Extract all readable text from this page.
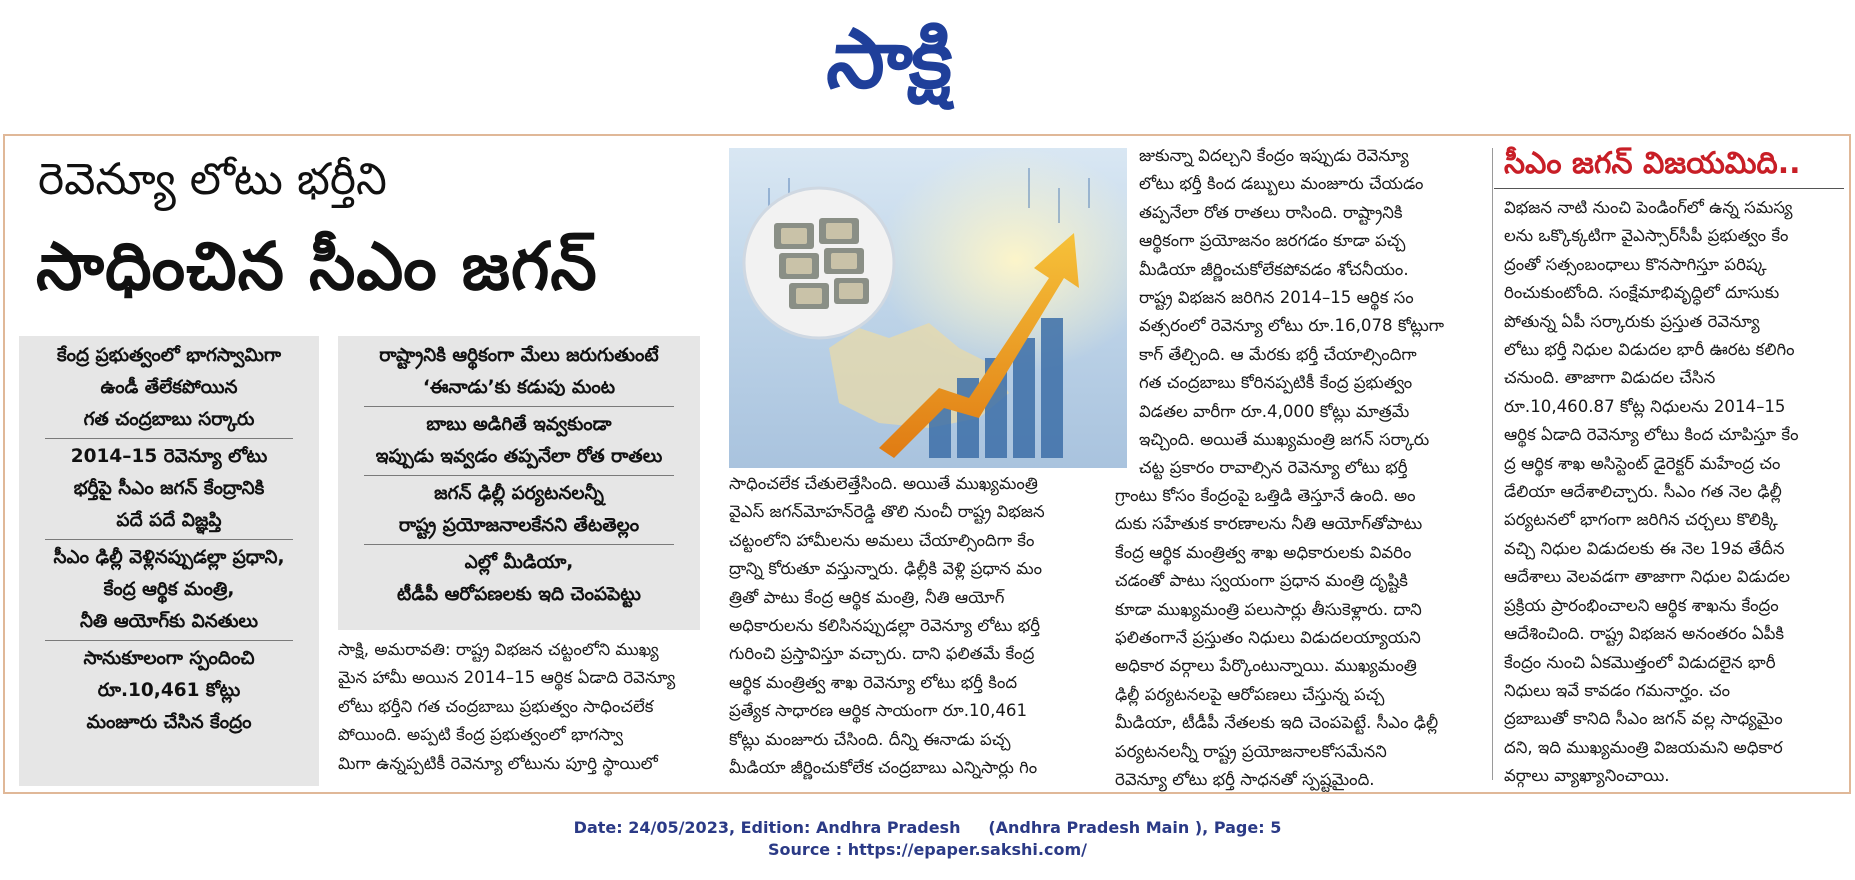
సాక్షి
రెవెన్యూ లోటు భర్తీని
సాధించిన సీఎం జగన్
కేంద్ర ప్రభుత్వంలో భాగస్వామిగా
ఉండీ తేలేకపోయిన
గత చంద్రబాబు సర్కారు
2014–15 రెవెన్యూ లోటు
భర్తీపై సీఎం జగన్ కేంద్రానికి
పదే పదే విజ్ఞప్తి
సీఎం ఢిల్లీ వెళ్లినప్పుడల్లా ప్రధాని,
కేంద్ర ఆర్థిక మంత్రి,
నీతి ఆయోగ్‌కు వినతులు
సానుకూలంగా స్పందించి
రూ.10,461 కోట్లు
మంజూరు చేసిన కేంద్రం
రాష్ట్రానికి ఆర్థికంగా మేలు జరుగుతుంటే
‘ఈనాడు’కు కడుపు మంట
బాబు అడిగితే ఇవ్వకుండా
ఇప్పుడు ఇవ్వడం తప్పనేలా రోత రాతలు
జగన్ ఢిల్లీ పర్యటనలన్నీ
రాష్ట్ర ప్రయోజనాలకేనని తేటతెల్లం
ఎల్లో మీడియా,
టీడీపీ ఆరోపణలకు ఇది చెంపపెట్టు
సాక్షి, అమరావతి: రాష్ట్ర విభజన చట్టంలోని ముఖ్య
మైన హామీ అయిన 2014–15 ఆర్థిక ఏడాది రెవెన్యూ
లోటు భర్తీని గత చంద్రబాబు ప్రభుత్వం సాధించలేక
పోయింది. అప్పటి కేంద్ర ప్రభుత్వంలో భాగస్వా
మిగా ఉన్నప్పటికీ రెవెన్యూ లోటును పూర్తి స్థాయిలో
సాధించలేక చేతులెత్తేసింది. అయితే ముఖ్యమంత్రి
వైఎస్ జగన్‌మోహన్‌రెడ్డి తొలి నుంచీ రాష్ట్ర విభజన
చట్టంలోని హామీలను అమలు చేయాల్సిందిగా కేం
ద్రాన్ని కోరుతూ వస్తున్నారు. ఢిల్లీకి వెళ్లి ప్రధాన మం
త్రితో పాటు కేంద్ర ఆర్థిక మంత్రి, నీతి ఆయోగ్
అధికారులను కలిసినప్పుడల్లా రెవెన్యూ లోటు భర్తీ
గురించి ప్రస్తావిస్తూ వచ్చారు. దాని ఫలితమే కేంద్ర
ఆర్థిక మంత్రిత్వ శాఖ రెవెన్యూ లోటు భర్తీ కింద
ప్రత్యేక సాధారణ ఆర్థిక సాయంగా రూ.10,461
కోట్లు మంజూరు చేసింది. దీన్ని ఈనాడు పచ్చ
మీడియా జీర్ణించుకోలేక చంద్రబాబు ఎన్నిసార్లు గిం
జుకున్నా విదల్చని కేంద్రం ఇప్పుడు రెవెన్యూ
లోటు భర్తీ కింద డబ్బులు మంజూరు చేయడం
తప్పనేలా రోత రాతలు రాసింది. రాష్ట్రానికి
ఆర్థికంగా ప్రయోజనం జరగడం కూడా పచ్చ
మీడియా జీర్ణించుకోలేకపోవడం శోచనీయం.
రాష్ట్ర విభజన జరిగిన 2014–15 ఆర్థిక సం
వత్సరంలో రెవెన్యూ లోటు రూ.16,078 కోట్లుగా
కాగ్ తేల్చింది. ఆ మేరకు భర్తీ చేయాల్సిందిగా
గత చంద్రబాబు కోరినప్పటికీ కేంద్ర ప్రభుత్వం
విడతల వారీగా రూ.4,000 కోట్లు మాత్రమే
ఇచ్చింది. అయితే ముఖ్యమంత్రి జగన్ సర్కారు
చట్ట ప్రకారం రావాల్సిన రెవెన్యూ లోటు భర్తీ
గ్రాంటు కోసం కేంద్రంపై ఒత్తిడి తెస్తూనే ఉంది. అం
దుకు సహేతుక కారణాలను నీతి ఆయోగ్‌తోపాటు
కేంద్ర ఆర్థిక మంత్రిత్వ శాఖ అధికారులకు వివరిం
చడంతో పాటు స్వయంగా ప్రధాన మంత్రి దృష్టికి
కూడా ముఖ్యమంత్రి పలుసార్లు తీసుకెళ్లారు. దాని
ఫలితంగానే ప్రస్తుతం నిధులు విడుదలయ్యాయని
అధికార వర్గాలు పేర్కొంటున్నాయి. ముఖ్యమంత్రి
ఢిల్లీ పర్యటనలపై ఆరోపణలు చేస్తున్న పచ్చ
మీడియా, టీడీపీ నేతలకు ఇది చెంపపెట్టే. సీఎం ఢిల్లీ
పర్యటనలన్నీ రాష్ట్ర ప్రయోజనాలకోసమేనని
రెవెన్యూ లోటు భర్తీ సాధనతో స్పష్టమైంది.
సీఎం జగన్ విజయమిది..
విభజన నాటి నుంచి పెండింగ్‌లో ఉన్న సమస్య
లను ఒక్కొక్కటిగా వైఎస్సార్‌సీపీ ప్రభుత్వం కేం
ద్రంతో సత్సంబంధాలు కొనసాగిస్తూ పరిష్క
రించుకుంటోంది. సంక్షేమాభివృద్ధిలో దూసుకు
పోతున్న ఏపీ సర్కారుకు ప్రస్తుత రెవెన్యూ
లోటు భర్తీ నిధుల విడుదల భారీ ఊరట కలిగిం
చనుంది. తాజాగా విడుదల చేసిన
రూ.10,460.87 కోట్ల నిధులను 2014–15
ఆర్థిక ఏడాది రెవెన్యూ లోటు కింద చూపిస్తూ కేం
ద్ర ఆర్థిక శాఖ అసిస్టెంట్ డైరెక్టర్ మహేంద్ర చం
డేలియా ఆదేశాలిచ్చారు. సీఎం గత నెల ఢిల్లీ
పర్యటనలో భాగంగా జరిగిన చర్చలు కొలిక్కి
వచ్చి నిధుల విడుదలకు ఈ నెల 19వ తేదీన
ఆదేశాలు వెలవడగా తాజాగా నిధుల విడుదల
ప్రక్రియ ప్రారంభించాలని ఆర్థిక శాఖను కేంద్రం
ఆదేశించింది. రాష్ట్ర విభజన అనంతరం ఏపీకి
కేంద్రం నుంచి ఏకమొత్తంలో విడుదలైన భారీ
నిధులు ఇవే కావడం గమనార్హం. చం
ద్రబాబుతో కానిది సీఎం జగన్ వల్ల సాధ్యమైం
దని, ఇది ముఖ్యమంత్రి విజయమని అధికార
వర్గాలు వ్యాఖ్యానించాయి.
Date: 24/05/2023, Edition: Andhra Pradesh     (Andhra Pradesh Main ), Page: 5
Source : https://epaper.sakshi.com/
